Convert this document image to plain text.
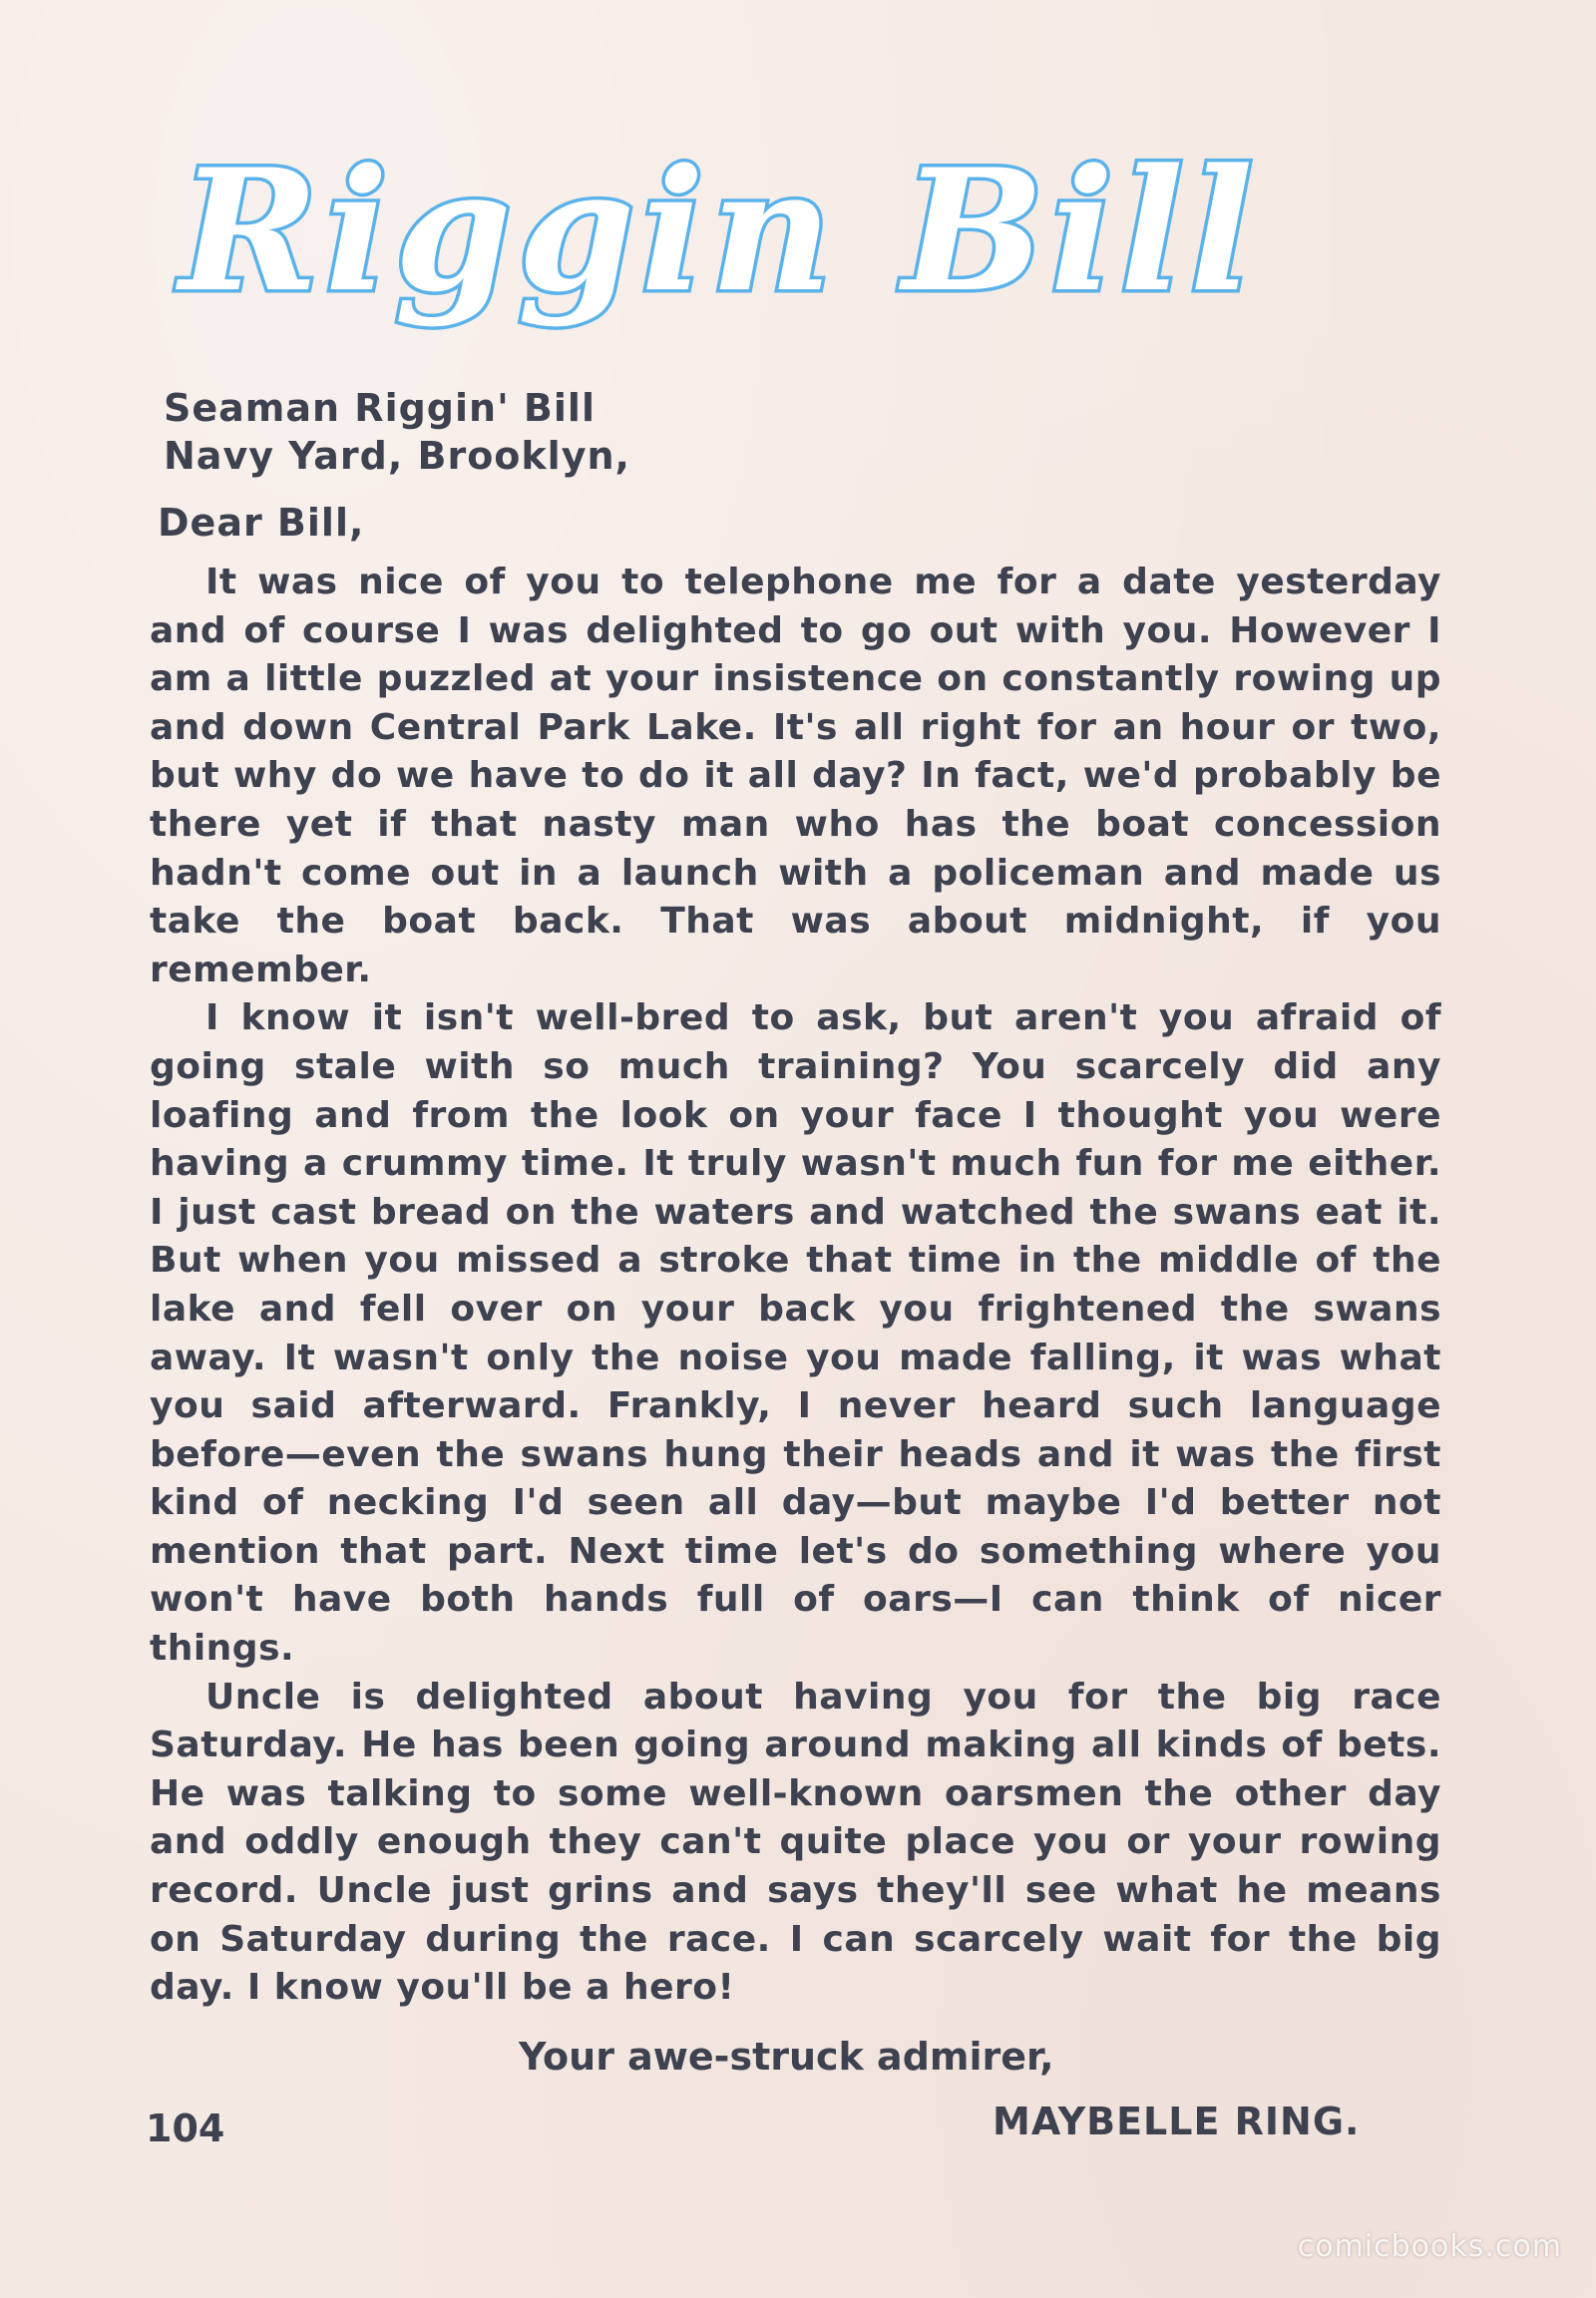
Riggin Bill
Seaman Riggin' Bill
Navy Yard, Brooklyn,
Dear Bill,

It was nice of you to telephone me for a date yesterday and of course I was delighted to go out with you. However I am a little puzzled at your insistence on constantly rowing up and down Central Park Lake. It's all right for an hour or two, but why do we have to do it all day? In fact, we'd probably be there yet if that nasty man who has the boat concession hadn't come out in a launch with a policeman and made us take the boat back. That was about midnight, if you remember.

I know it isn't well-bred to ask, but aren't you afraid of going stale with so much training? You scarcely did any loafing and from the look on your face I thought you were having a crummy time. It truly wasn't much fun for me either. I just cast bread on the waters and watched the swans eat it. But when you missed a stroke that time in the middle of the lake and fell over on your back you frightened the swans away. It wasn't only the noise you made falling, it was what you said afterward. Frankly, I never heard such language before—even the swans hung their heads and it was the first kind of necking I'd seen all day—but maybe I'd better not mention that part. Next time let's do something where you won't have both hands full of oars—I can think of nicer things.

Uncle is delighted about having you for the big race Saturday. He has been going around making all kinds of bets. He was talking to some well-known oarsmen the other day and oddly enough they can't quite place you or your rowing record. Uncle just grins and says they'll see what he means on Saturday during the race. I can scarcely wait for the big day. I know you'll be a hero!

Your awe-struck admirer,
104	MAYBELLE RING.
comicbooks.com
